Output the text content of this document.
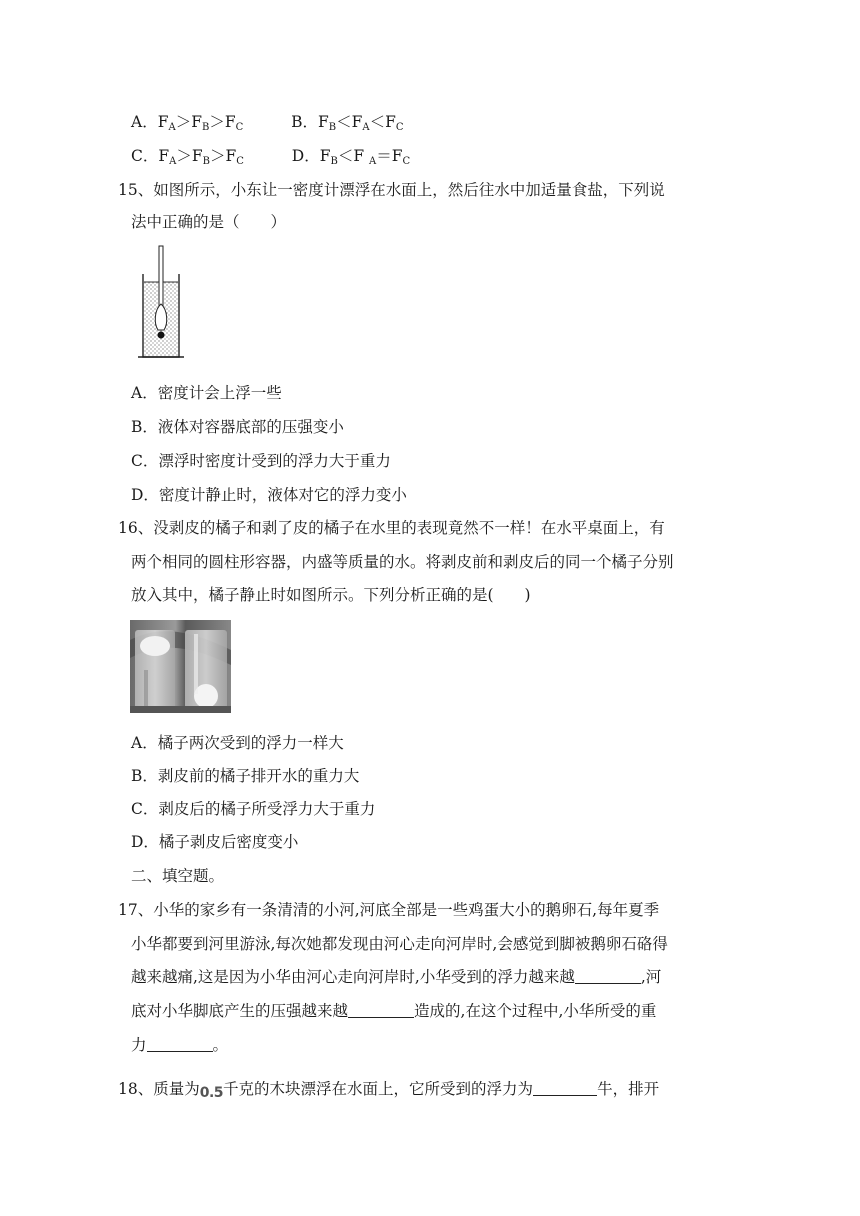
A．$F_A>F_B>F_C$	B．$F_B<F_A<F_C$
C．$F_A>F_B>F_C$	D．$F_B<F$ $_A=F_C$
15、如图所示，小东让一密度计漂浮在水面上，然后往水中加适量食盐，下列说
法中正确的是（　　）
A．密度计会上浮一些
B．液体对容器底部的压强变小
C．漂浮时密度计受到的浮力大于重力
D．密度计静止时，液体对它的浮力变小
16、没剥皮的橘子和剥了皮的橘子在水里的表现竟然不一样！在水平桌面上，有
两个相同的圆柱形容器，内盛等质量的水。将剥皮前和剥皮后的同一个橘子分别
放入其中，橘子静止时如图所示。下列分析正确的是(　　)
A．橘子两次受到的浮力一样大
B．剥皮前的橘子排开水的重力大
C．剥皮后的橘子所受浮力大于重力
D．橘子剥皮后密度变小
二、填空题。
17、小华的家乡有一条清清的小河,河底全部是一些鸡蛋大小的鹅卵石,每年夏季
小华都要到河里游泳,每次她都发现由河心走向河岸时,会感觉到脚被鹅卵石硌得
越来越痛,这是因为小华由河心走向河岸时,小华受到的浮力越来越	,河
底对小华脚底产生的压强越来越	造成的,在这个过程中,小华所受的重
力	。
18、质量为0.5千克的木块漂浮在水面上，它所受到的浮力为	牛，排开
